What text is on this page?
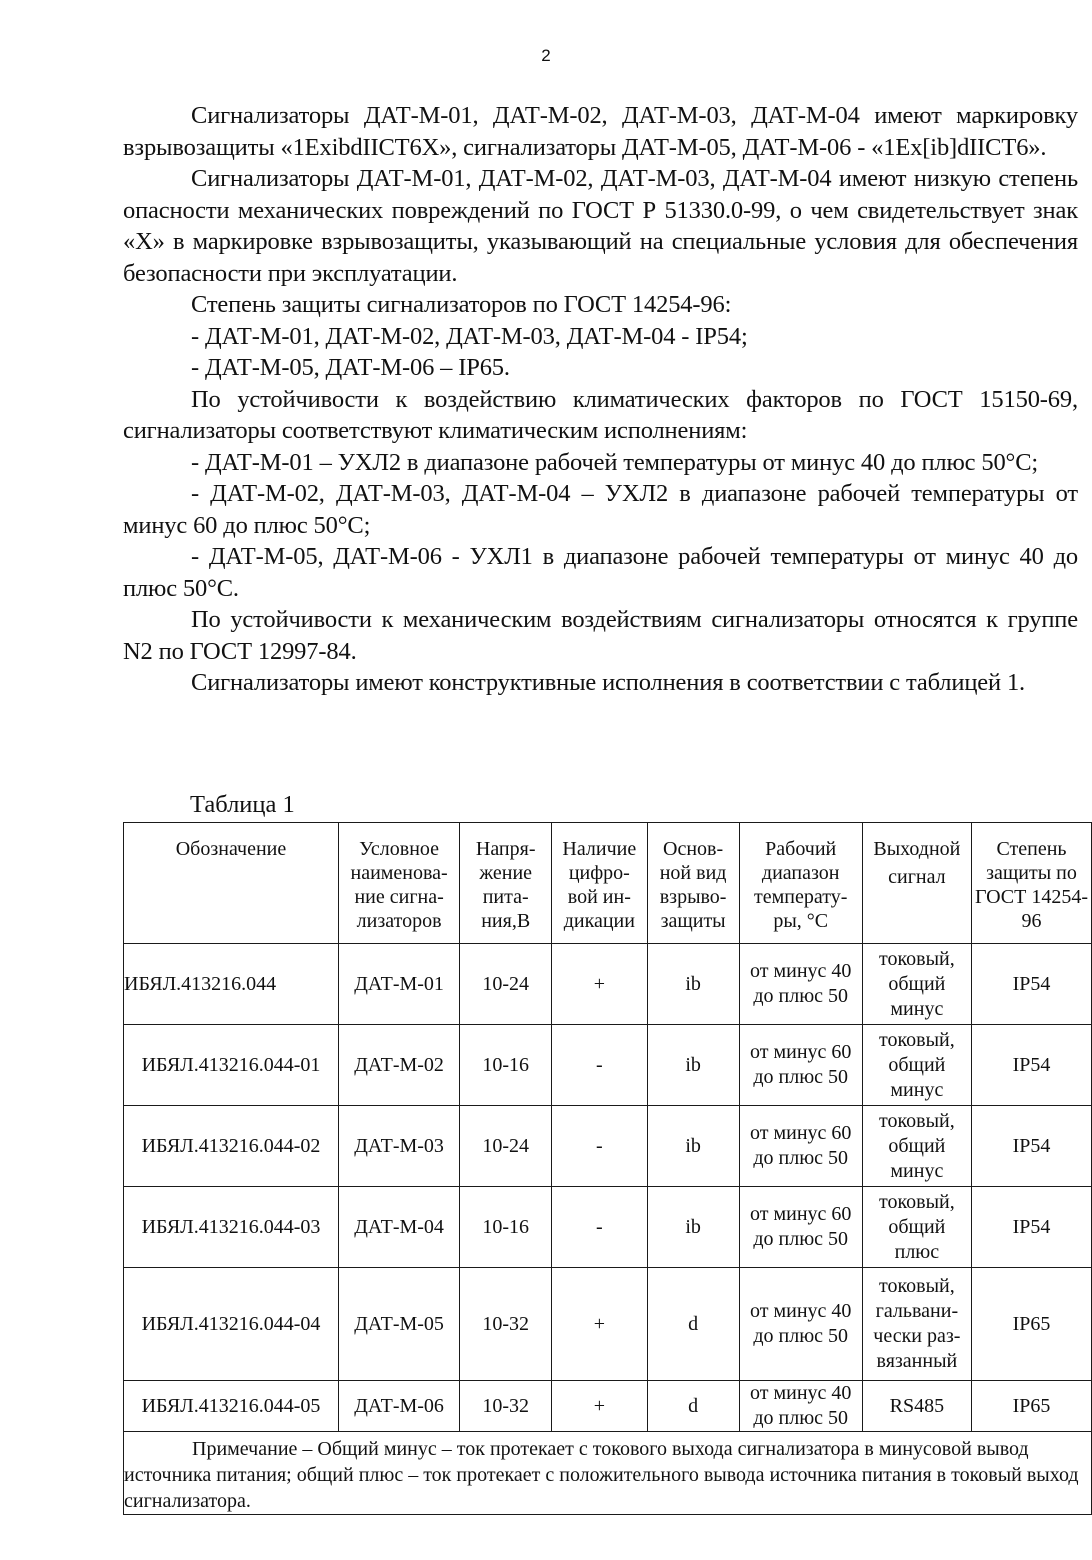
2

Сигнализаторы ДАТ-М-01, ДАТ-М-02, ДАТ-М-03, ДАТ-М-04 имеют маркировку взрывозащиты «1ExibdIICT6X», сигнализаторы ДАТ-М-05, ДАТ-М-06 - «1Ex[ib]dIICT6».

Сигнализаторы ДАТ-М-01, ДАТ-М-02, ДАТ-М-03, ДАТ-М-04 имеют низкую степень опасности механических повреждений по ГОСТ Р 51330.0-99, о чем свидетельствует знак «X» в маркировке взрывозащиты, указывающий на специальные условия для обеспечения безопасности при эксплуатации.

Степень защиты сигнализаторов по ГОСТ 14254-96:

- ДАТ-М-01, ДАТ-М-02, ДАТ-М-03, ДАТ-М-04 - IP54;

- ДАТ-М-05, ДАТ-М-06 – IP65.

По устойчивости к воздействию климатических факторов по ГОСТ 15150-69, сигнализаторы соответствуют климатическим исполнениям:

- ДАТ-М-01 – УХЛ2 в диапазоне рабочей температуры от минус 40 до плюс 50°С;

- ДАТ-М-02, ДАТ-М-03, ДАТ-М-04 – УХЛ2 в диапазоне рабочей температуры от минус 60 до плюс 50°С;

- ДАТ-М-05, ДАТ-М-06 - УХЛ1 в диапазоне рабочей температуры от минус 40 до плюс 50°С.

По устойчивости к механическим воздействиям сигнализаторы относятся к группе N2 по ГОСТ 12997-84.

Сигнализаторы имеют конструктивные исполнения в соответствии с таблицей 1.

Таблица 1
Обозначение	Условное
наименова-
ние сигна-
лизаторов	Напря-
жение
пита-
ния,В	Наличие
цифро-
вой ин-
дикации	Основ-
ной вид
взрыво-
защиты	Рабочий
диапазон
температу-
ры, °С	Выходной
сигнал	Степень
защиты по
ГОСТ 14254-
96

ИБЯЛ.413216.044	ДАТ-М-01	10-24	+	ib	от минус 40
до плюс 50	токовый,
общий
минус	IP54
ИБЯЛ.413216.044-01	ДАТ-М-02	10-16	-	ib	от минус 60
до плюс 50	токовый,
общий
минус	IP54
ИБЯЛ.413216.044-02	ДАТ-М-03	10-24	-	ib	от минус 60
до плюс 50	токовый,
общий
минус	IP54
ИБЯЛ.413216.044-03	ДАТ-М-04	10-16	-	ib	от минус 60
до плюс 50	токовый,
общий
плюс	IP54
ИБЯЛ.413216.044-04	ДАТ-М-05	10-32	+	d	от минус 40
до плюс 50	токовый,
гальвани-
чески раз-
вязанный	IP65
ИБЯЛ.413216.044-05	ДАТ-М-06	10-32	+	d	от минус 40
до плюс 50	RS485	IP65

Примечание – Общий минус – ток протекает с токового выхода сигнализатора в минусовой вывод источника питания; общий плюс – ток протекает с положительного вывода источника питания в токовый выход сигнализатора.							
